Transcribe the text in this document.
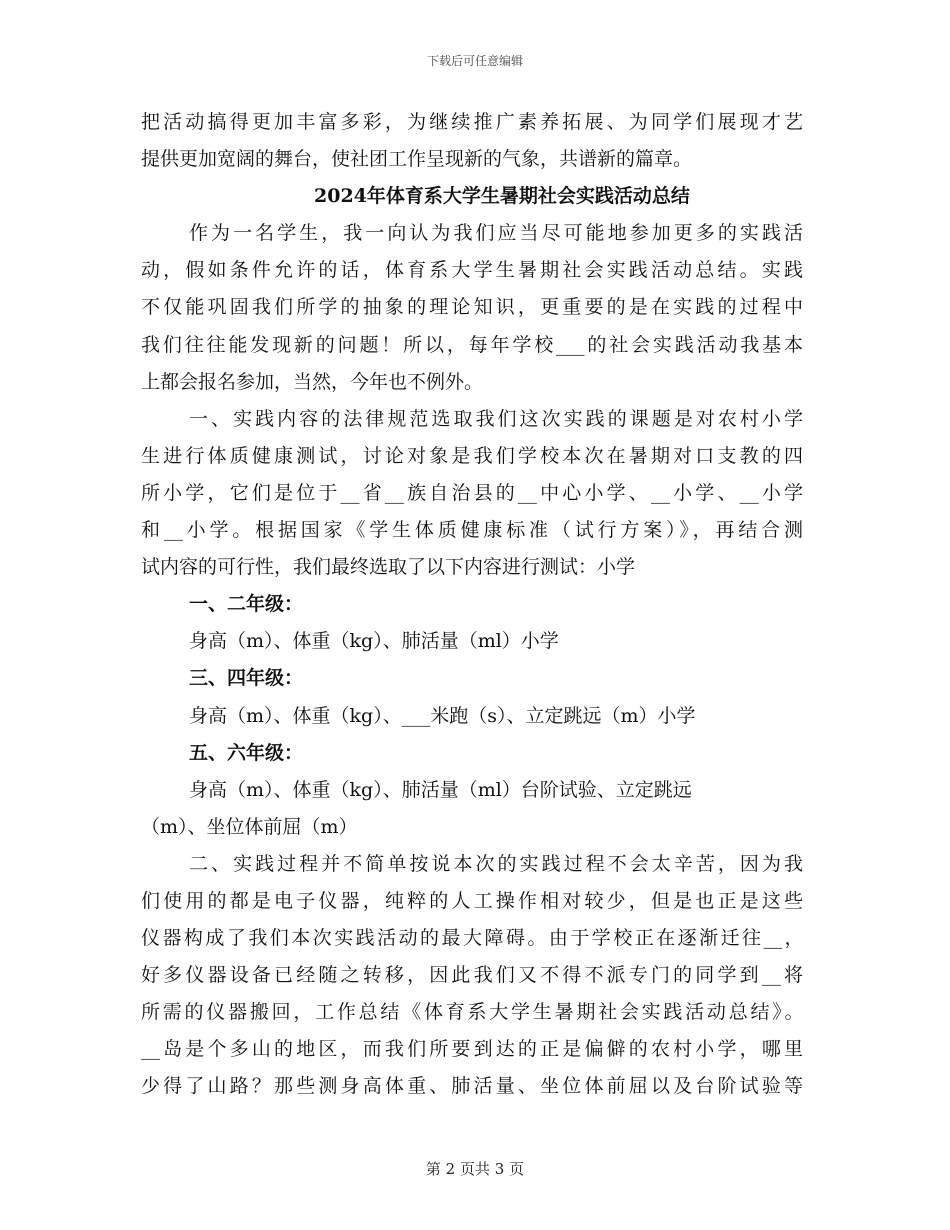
下载后可任意编辑
把活动搞得更加丰富多彩，为继续推广素养拓展、为同学们展现才艺
提供更加宽阔的舞台，使社团工作呈现新的气象，共谱新的篇章。
2024年体育系大学生暑期社会实践活动总结
作为一名学生，我一向认为我们应当尽可能地参加更多的实践活
动，假如条件允许的话，体育系大学生暑期社会实践活动总结。实践
不仅能巩固我们所学的抽象的理论知识，更重要的是在实践的过程中
我们往往能发现新的问题！所以，每年学校___的社会实践活动我基本
上都会报名参加，当然，今年也不例外。
一、实践内容的法律规范选取我们这次实践的课题是对农村小学
生进行体质健康测试，讨论对象是我们学校本次在暑期对口支教的四
所小学，它们是位于__省__族自治县的__中心小学、__小学、__小学
和__小学。根据国家《学生体质健康标准（试行方案）》，再结合测
试内容的可行性，我们最终选取了以下内容进行测试：小学
一、二年级：
身高（m）、体重（kg）、肺活量（ml）小学
三、四年级：
身高（m）、体重（kg）、___米跑（s）、立定跳远（m）小学
五、六年级：
身高（m）、体重（kg）、肺活量（ml）台阶试验、立定跳远
（m）、坐位体前屈（m）
二、实践过程并不简单按说本次的实践过程不会太辛苦，因为我
们使用的都是电子仪器，纯粹的人工操作相对较少，但是也正是这些
仪器构成了我们本次实践活动的最大障碍。由于学校正在逐渐迁往__，
好多仪器设备已经随之转移，因此我们又不得不派专门的同学到__将
所需的仪器搬回，工作总结《体育系大学生暑期社会实践活动总结》。
__岛是个多山的地区，而我们所要到达的正是偏僻的农村小学，哪里
少得了山路？那些测身高体重、肺活量、坐位体前屈以及台阶试验等
第 2 页共 3 页
